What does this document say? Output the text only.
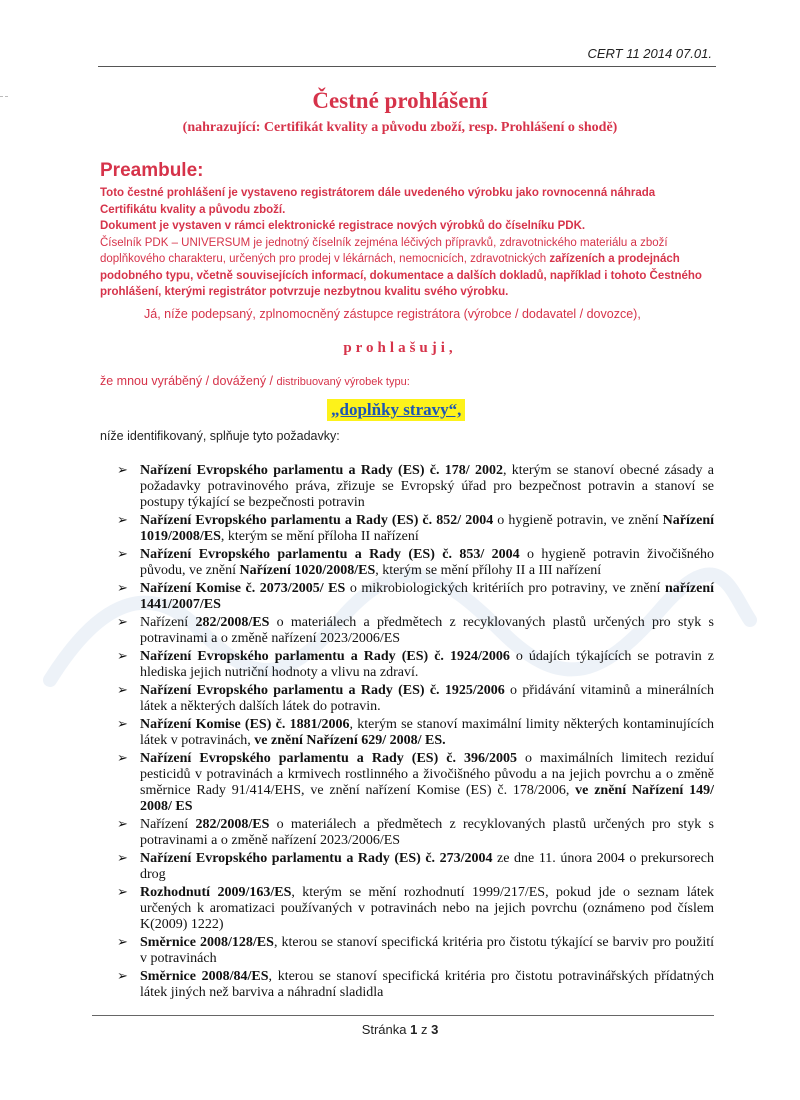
CERT 11 2014 07.01.
Čestné prohlášení
(nahrazující: Certifikát kvality a původu zboží, resp. Prohlášení o shodě)
Preambule:

Toto čestné prohlášení je vystaveno registrátorem dále uvedeného výrobku jako rovnocenná náhrada Certifikátu kvality a původu zboží.

Dokument je vystaven v rámci elektronické registrace nových výrobků do číselníku PDK.

Číselník PDK – UNIVERSUM je jednotný číselník zejména léčivých přípravků, zdravotnického materiálu a zboží doplňkového charakteru, určených pro prodej v lékárnách, nemocnicích, zdravotnických zařízeních a prodejnách podobného typu, včetně souvisejících informací, dokumentace a dalších dokladů, například i tohoto Čestného prohlášení, kterými registrátor potvrzuje nezbytnou kvalitu svého výrobku.

Já, níže podepsaný, zplnomocněný zástupce registrátora (výrobce / dodavatel / dovozce),
prohlašuji,
že mnou vyráběný / dovážený / distribuovaný výrobek typu:
„doplňky stravy“,
níže identifikovaný, splňuje tyto požadavky:
➢ Nařízení Evropského parlamentu a Rady (ES) č. 178/ 2002, kterým se stanoví obecné zásady a požadavky potravinového práva, zřizuje se Evropský úřad pro bezpečnost potravin a stanoví se postupy týkající se bezpečnosti potravin
➢ Nařízení Evropského parlamentu a Rady (ES) č. 852/ 2004 o hygieně potravin, ve znění Nařízení 1019/2008/ES, kterým se mění příloha II nařízení
➢ Nařízení Evropského parlamentu a Rady (ES) č. 853/ 2004 o hygieně potravin živočišného původu, ve znění Nařízení 1020/2008/ES, kterým se mění přílohy II a III nařízení
➢ Nařízení Komise č. 2073/2005/ ES o mikrobiologických kritériích pro potraviny, ve znění nařízení 1441/2007/ES
➢ Nařízení 282/2008/ES o materiálech a předmětech z recyklovaných plastů určených pro styk s potravinami a o změně nařízení 2023/2006/ES
➢ Nařízení Evropského parlamentu a Rady (ES) č. 1924/2006 o údajích týkajících se potravin z hlediska jejich nutriční hodnoty a vlivu na zdraví.
➢ Nařízení Evropského parlamentu a Rady (ES) č. 1925/2006 o přidávání vitaminů a minerálních látek a některých dalších látek do potravin.
➢ Nařízení Komise (ES) č. 1881/2006, kterým se stanoví maximální limity některých kontaminujících látek v potravinách, ve znění Nařízení 629/ 2008/ ES.
➢ Nařízení Evropského parlamentu a Rady (ES) č. 396/2005 o maximálních limitech reziduí pesticidů v potravinách a krmivech rostlinného a živočišného původu a na jejich povrchu a o změně směrnice Rady 91/414/EHS, ve znění nařízení Komise (ES) č. 178/2006, ve znění Nařízení 149/ 2008/ ES
➢ Nařízení 282/2008/ES o materiálech a předmětech z recyklovaných plastů určených pro styk s potravinami a o změně nařízení 2023/2006/ES
➢ Nařízení Evropského parlamentu a Rady (ES) č. 273/2004 ze dne 11. února 2004 o prekursorech drog
➢ Rozhodnutí 2009/163/ES, kterým se mění rozhodnutí 1999/217/ES, pokud jde o seznam látek určených k aromatizaci používaných v potravinách nebo na jejich povrchu (oznámeno pod číslem K(2009) 1222)
➢ Směrnice 2008/128/ES, kterou se stanoví specifická kritéria pro čistotu týkající se barviv pro použití v potravinách
➢ Směrnice 2008/84/ES, kterou se stanoví specifická kritéria pro čistotu potravinářských přídatných látek jiných než barviva a náhradní sladidla
Stránka 1 z 3
